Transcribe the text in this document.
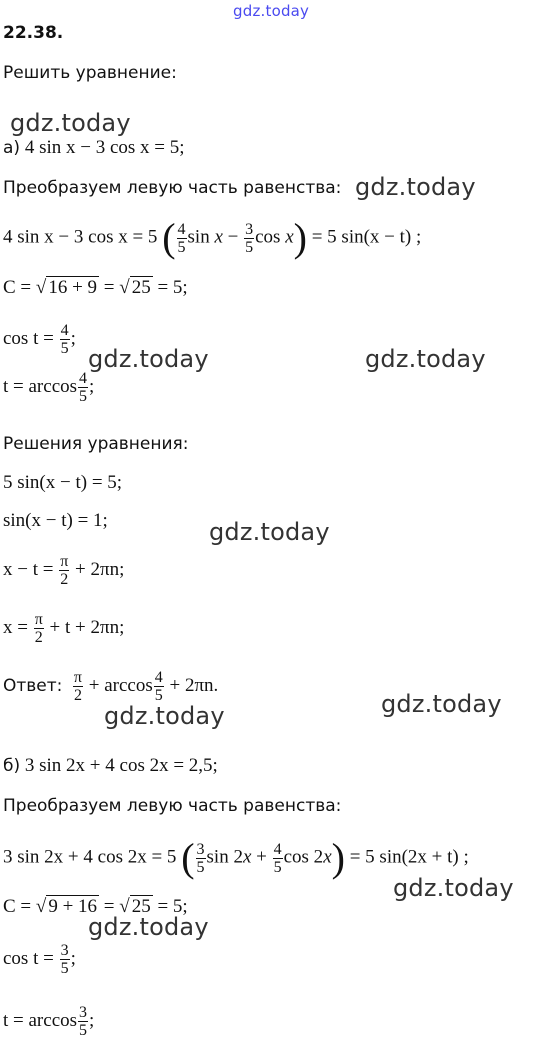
gdz.today
22.38.
Решить уравнение:
gdz.today
а) 4 sin x − 3 cos x = 5;
Преобразуем левую часть равенства: gdz.today
4 sin x − 3 cos x = 5 ( $\frac{4}{5}$ $\sin x - \frac{3}{5}$ cos x) = 5 sin(x − t) ;
C = √ 16 + 9 = √ 25 = 5;
$\cos t = \frac{4}{5}$ ;
gdz.today	gdz.today
$t = \arccos \frac{4}{5}$ ;
Решения уравнения:
5 sin(x − t) = 5;
sin(x − t) = 1;	gdz.today
$x - t = \frac{\pi}{2} + 2\pi n$;
$x = \frac{\pi}{2} + t + 2\pi n$;
Ответ: $\frac{\pi}{2} + \arccos \frac{4}{5} + 2\pi n$.
gdz.today
gdz.today
б) 3 sin 2x + 4 cos 2x = 2,5;
Преобразуем левую часть равенства:
3 sin 2x + 4 cos 2x = 5 ( $\frac{3}{5}$ $\sin 2x + \frac{4}{5}$ cos 2x) = 5 sin(2x + t) ;
gdz.today
C = √ 9 + 16 = √ 25 = 5;
gdz.today
$\cos t = \frac{3}{5}$ ;
$t = \arccos \frac{3}{5}$ ;
